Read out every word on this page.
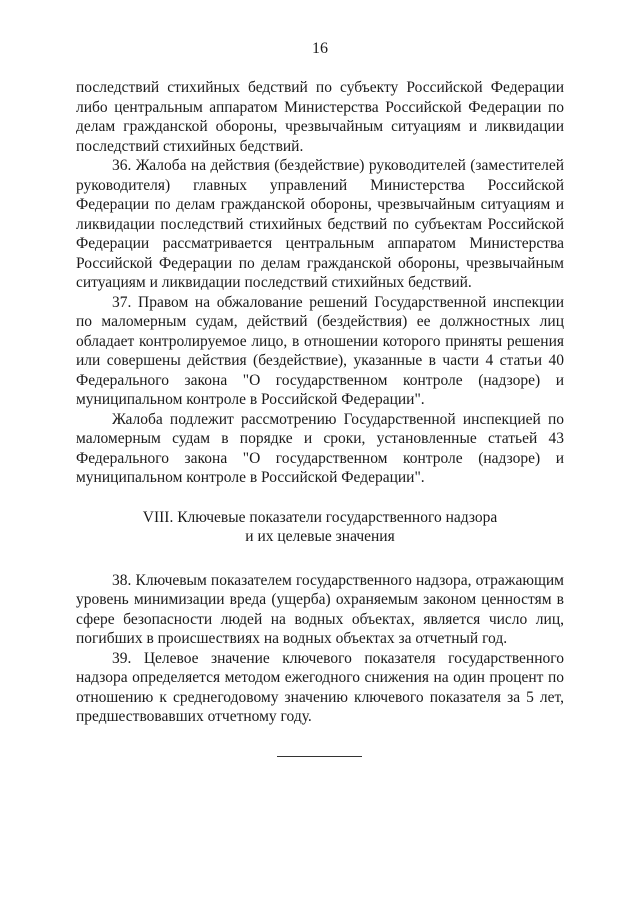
16

последствий стихийных бедствий по субъекту Российской Федерации либо центральным аппаратом Министерства Российской Федерации по делам гражданской обороны, чрезвычайным ситуациям и ликвидации последствий стихийных бедствий.

36. Жалоба на действия (бездействие) руководителей (заместителей руководителя) главных управлений Министерства Российской Федерации по делам гражданской обороны, чрезвычайным ситуациям и ликвидации последствий стихийных бедствий по субъектам Российской Федерации рассматривается центральным аппаратом Министерства Российской Федерации по делам гражданской обороны, чрезвычайным ситуациям и ликвидации последствий стихийных бедствий.

37. Правом на обжалование решений Государственной инспекции по маломерным судам, действий (бездействия) ее должностных лиц обладает контролируемое лицо, в отношении которого приняты решения или совершены действия (бездействие), указанные в части 4 статьи 40 Федерального закона "О государственном контроле (надзоре) и муниципальном контроле в Российской Федерации".

Жалоба подлежит рассмотрению Государственной инспекцией по маломерным судам в порядке и сроки, установленные статьей 43 Федерального закона "О государственном контроле (надзоре) и муниципальном контроле в Российской Федерации".

VIII. Ключевые показатели государственного надзора
и их целевые значения

38. Ключевым показателем государственного надзора, отражающим уровень минимизации вреда (ущерба) охраняемым законом ценностям в сфере безопасности людей на водных объектах, является число лиц, погибших в происшествиях на водных объектах за отчетный год.

39. Целевое значение ключевого показателя государственного надзора определяется методом ежегодного снижения на один процент по отношению к среднегодовому значению ключевого показателя за 5 лет, предшествовавших отчетному году.
